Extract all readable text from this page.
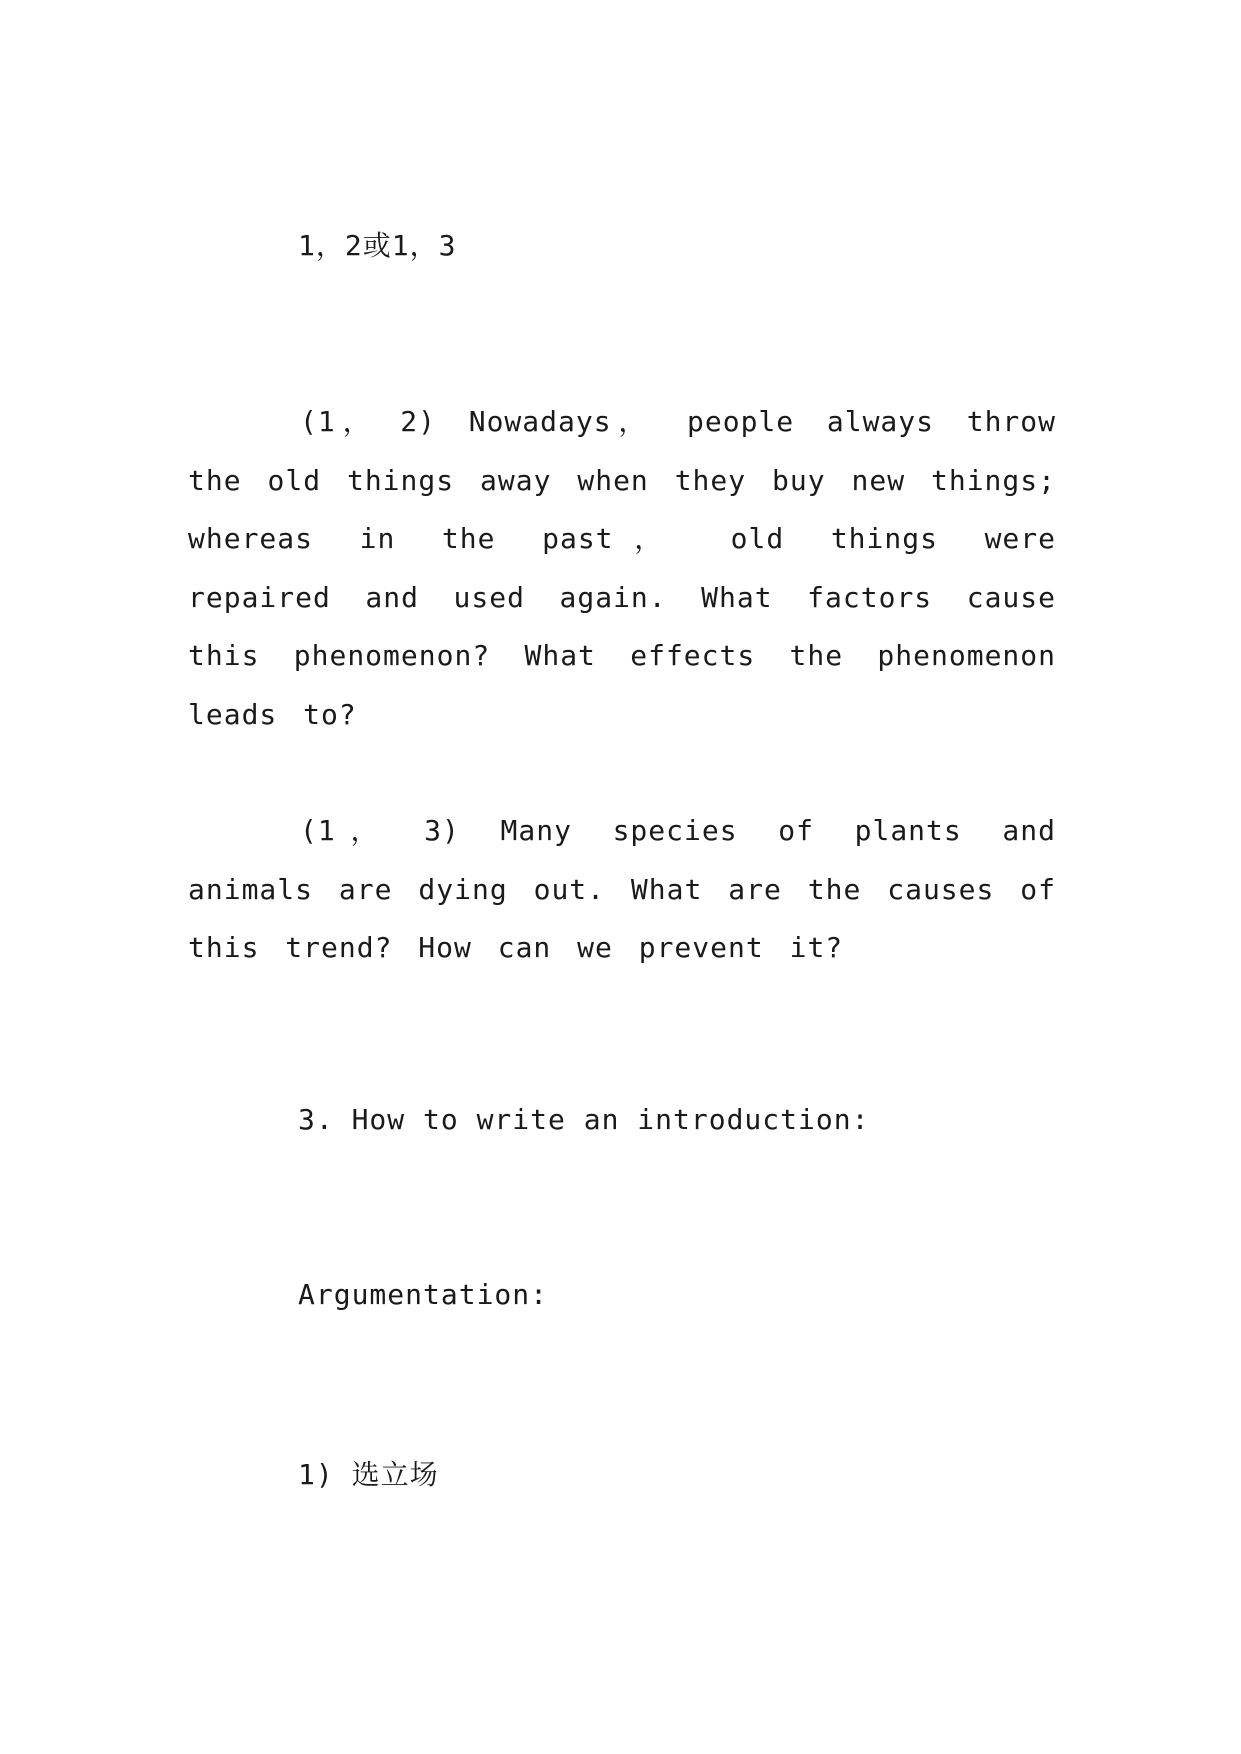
1，2或1，3
(1，　2) Nowadays， people always throw the old things away when they buy new things; whereas in the past， old things were repaired and used again. What factors cause this phenomenon? What effects the phenomenon leads to?
(1，　3) Many species of plants and animals are dying out. What are the causes of this trend? How can we prevent it?
3. How to write an introduction:
Argumentation:
1) 选立场
